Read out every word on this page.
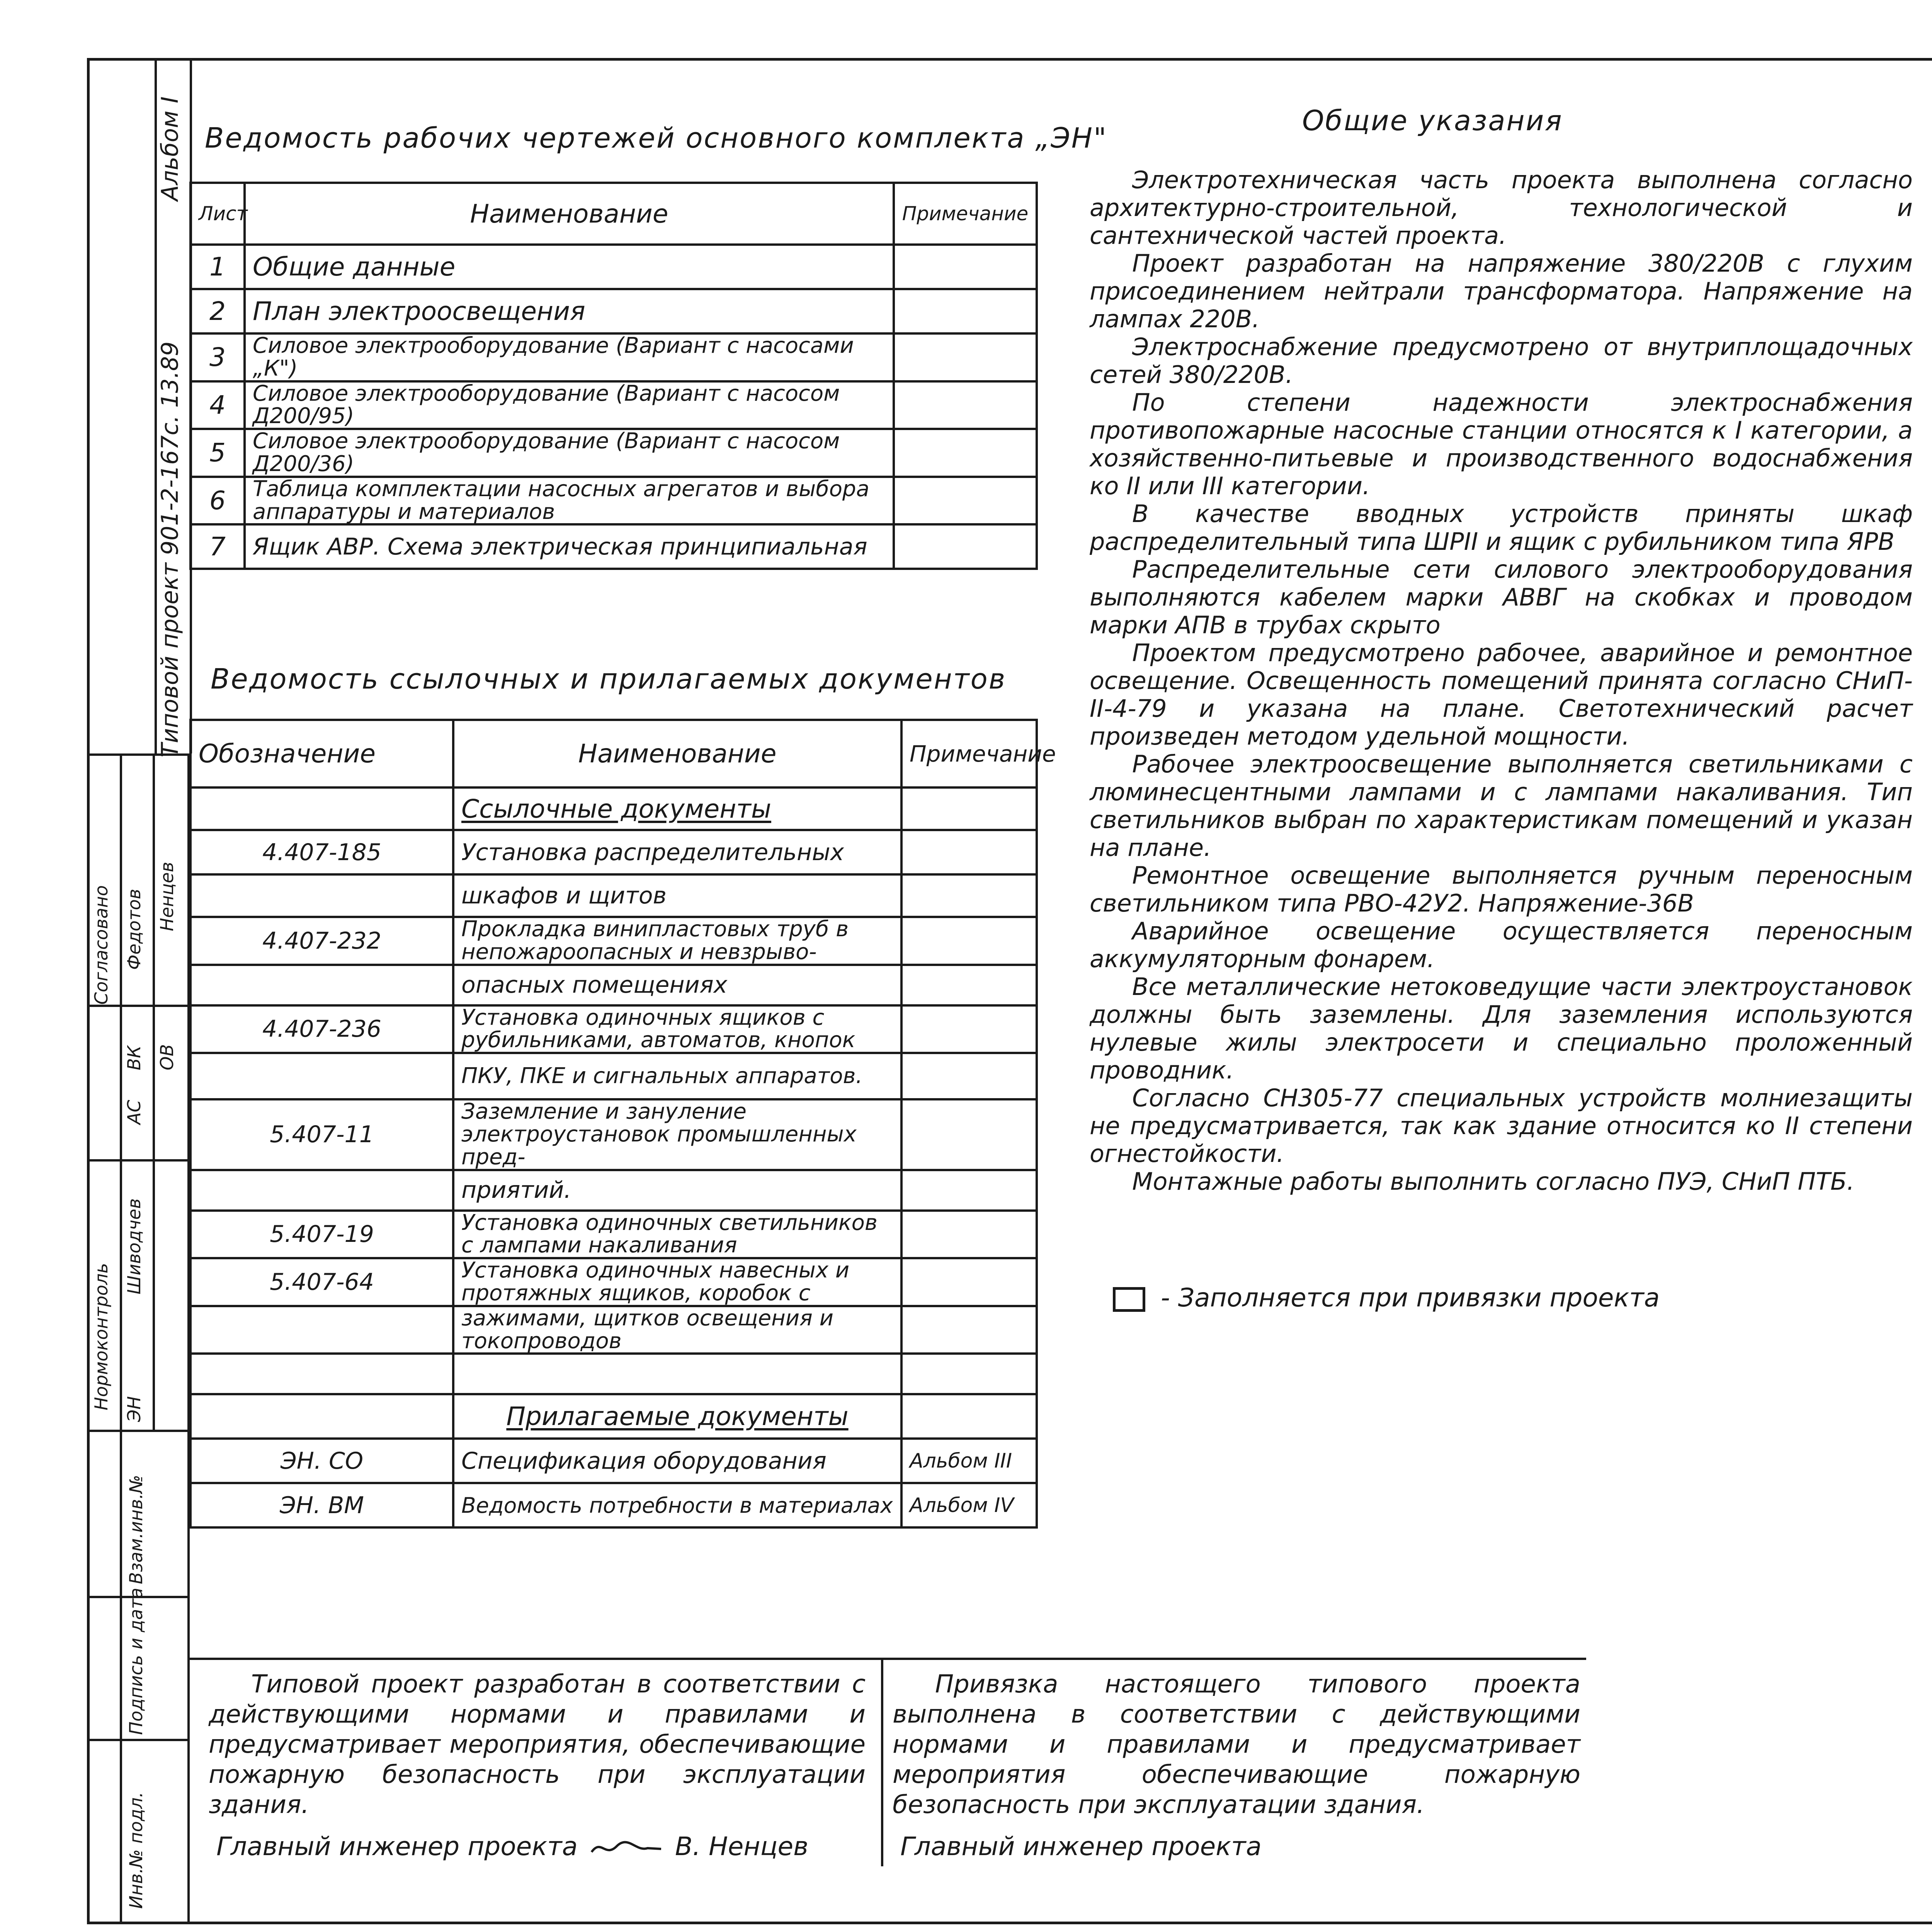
Согласовано Федотов Ненцев
ВК ОВ
АС
Нормоконтроль
Шиводчев
ЭН
Взам.инв.№
Подпись и дата
Инв.№ подл.
Альбом I
Типовой проект 901-2-167с. 13.89
Ведомость рабочих чертежей основного комплекта „ЭН"
Лист	Наименование	Примечание
1	Общие данные	
2	План электроосвещения	
3	Силовое электрооборудование (Вариант с насосами „К")	
4	Силовое электрооборудование (Вариант с насосом Д200/95)	
5	Силовое электрооборудование (Вариант с насосом Д200/36)	
6	Таблица комплектации насосных агрегатов и выбора аппаратуры и материалов	
7	Ящик АВР. Схема электрическая принципиальная	
Ведомость ссылочных и прилагаемых документов
Обозначение	Наименование	Примечание
	Ссылочные документы	
4.407-185	Установка распределительных	
	шкафов и щитов	
4.407-232	Прокладка винипластовых труб в непожароопасных и невзрыво-	
	опасных помещениях	
4.407-236	Установка одиночных ящиков с рубильниками, автоматов, кнопок	
	ПКУ, ПКЕ и сигнальных аппаратов.	
5.407-11	Заземление и зануление электроустановок промышленных пред-	
	приятий.	
5.407-19	Установка одиночных светильников с лампами накаливания	
5.407-64	Установка одиночных навесных и протяжных ящиков, коробок с	
	зажимами, щитков освещения и токопроводов	

	Прилагаемые документы	
ЭН. СО	Спецификация оборудования	Альбом III
ЭН. ВМ	Ведомость потребности в материалах	Альбом IV
Общие указания

Электротехническая часть проекта выполнена согласно архитектурно-строительной, технологической и сантехнической частей проекта.

Проект разработан на напряжение 380/220В с глухим присоединением нейтрали трансформатора. Напряжение на лампах 220В.

Электроснабжение предусмотрено от внутриплощадочных сетей 380/220В.

По степени надежности электроснабжения противопожарные насосные станции относятся к I категории, а хозяйственно-питьевые и производственного водоснабжения ко II или III категории.

В качестве вводных устройств приняты шкаф распределительный типа ШРII и ящик с рубильником типа ЯРВ

Распределительные сети силового электрооборудования выполняются кабелем марки АВВГ на скобках и проводом марки АПВ в трубах скрыто

Проектом предусмотрено рабочее, аварийное и ремонтное освещение. Освещенность помещений принята согласно СНиП-II-4-79 и указана на плане. Светотехнический расчет произведен методом удельной мощности.

Рабочее электроосвещение выполняется светильниками с люминесцентными лампами и с лампами накаливания. Тип светильников выбран по характеристикам помещений и указан на плане.

Ремонтное освещение выполняется ручным переносным светильником типа РВО-42У2. Напряжение-36В

Аварийное освещение осуществляется переносным аккумуляторным фонарем.

Все металлические нетоковедущие части электроустановок должны быть заземлены. Для заземления используются нулевые жилы электросети и специально проложенный проводник.

Согласно СН305-77 специальных устройств молниезащиты не предусматривается, так как здание относится ко II степени огнестойкости.

Монтажные работы выполнить согласно ПУЭ, СНиП ПТБ.

- Заполняется при привязки проекта

Типовой проект разработан в соответствии с действующими нормами и правилами и предусматривает мероприятия, обеспечивающие пожарную безопасность при эксплуатации здания.

Главный инженер проекта	В. Ненцев

Привязка настоящего типового проекта выполнена в соответствии с действующими нормами и правилами и предусматривает мероприятия обеспечивающие пожарную безопасность при эксплуатации здания.

Главный инженер проекта
